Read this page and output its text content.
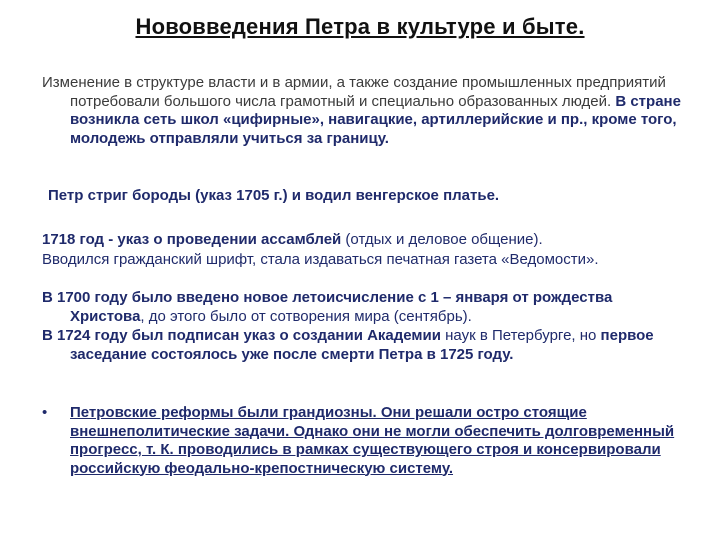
Нововведения Петра в культуре и быте.
Изменение в структуре власти и в армии, а также создание промышленных предприятий потребовали большого числа грамотный и специально образованных людей. В стране возникла сеть школ «цифирные», навигацкие, артиллерийские и пр., кроме того, молодежь отправляли учиться за границу.
Петр стриг бороды (указ 1705 г.) и водил венгерское платье.
1718 год - указ о проведении ассамблей (отдых и деловое общение).
Вводился гражданский шрифт, стала издаваться печатная газета «Ведомости».
В 1700 году было введено новое летоисчисление с 1 – января от рождества Христова, до этого было от сотворения мира (сентябрь).
В 1724 году был подписан указ о создании Академии наук в Петербурге, но первое заседание состоялось уже после смерти Петра в 1725 году.
• Петровские реформы были грандиозны. Они решали остро стоящие внешнеполитические задачи. Однако они не могли обеспечить долговременный прогресс, т. К. проводились в рамках существующего строя и консервировали российскую феодально-крепостническую систему.
